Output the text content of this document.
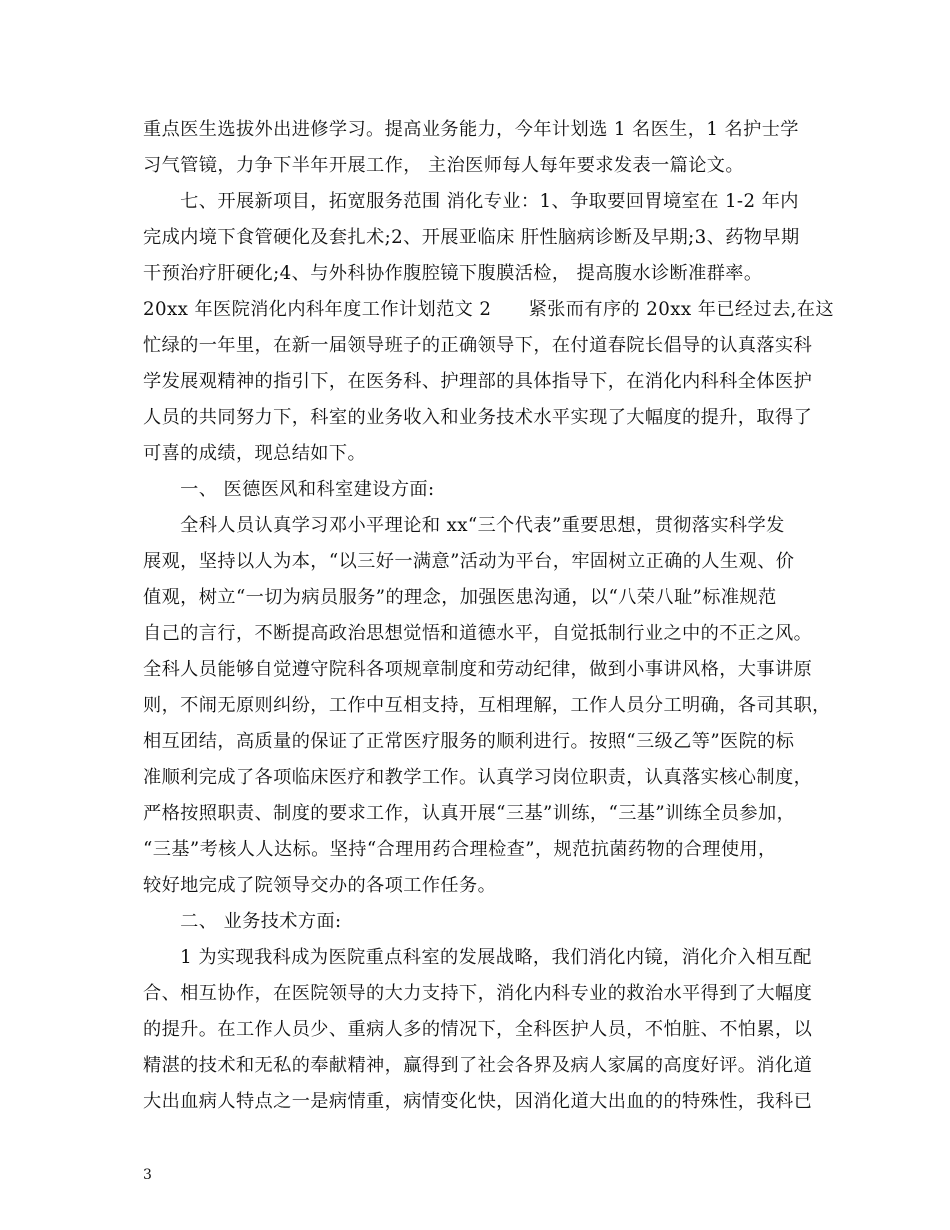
重点医生选拔外出进修学习。提高业务能力，今年计划选 1 名医生，1 名护士学
习气管镜，力争下半年开展工作， 主治医师每人每年要求发表一篇论文。
　　七、开展新项目，拓宽服务范围 消化专业：1、争取要回胃境室在 1-2 年内
完成内境下食管硬化及套扎术;2、开展亚临床 肝性脑病诊断及早期;3、药物早期
干预治疗肝硬化;4、与外科协作腹腔镜下腹膜活检， 提高腹水诊断准群率。
20xx 年医院消化内科年度工作计划范文 2　　紧张而有序的 20xx 年已经过去,在这
忙绿的一年里，在新一届领导班子的正确领导下，在付道春院长倡导的认真落实科
学发展观精神的指引下，在医务科、护理部的具体指导下，在消化内科科全体医护
人员的共同努力下，科室的业务收入和业务技术水平实现了大幅度的提升，取得了
可喜的成绩，现总结如下。
　　一、 医德医风和科室建设方面:
　　全科人员认真学习邓小平理论和 xx“三个代表”重要思想，贯彻落实科学发
展观，坚持以人为本，“以三好一满意”活动为平台，牢固树立正确的人生观、价
值观，树立“一切为病员服务”的理念，加强医患沟通，以“八荣八耻”标准规范
自己的言行，不断提高政治思想觉悟和道德水平，自觉抵制行业之中的不正之风。
全科人员能够自觉遵守院科各项规章制度和劳动纪律，做到小事讲风格，大事讲原
则，不闹无原则纠纷，工作中互相支持，互相理解，工作人员分工明确，各司其职，
相互团结，高质量的保证了正常医疗服务的顺利进行。按照“三级乙等”医院的标
准顺利完成了各项临床医疗和教学工作。认真学习岗位职责，认真落实核心制度，
严格按照职责、制度的要求工作，认真开展“三基”训练，“三基”训练全员参加，
“三基”考核人人达标。坚持“合理用药合理检查”，规范抗菌药物的合理使用，
较好地完成了院领导交办的各项工作任务。
　　二、 业务技术方面:
　　1 为实现我科成为医院重点科室的发展战略，我们消化内镜，消化介入相互配
合、相互协作，在医院领导的大力支持下，消化内科专业的救治水平得到了大幅度
的提升。在工作人员少、重病人多的情况下，全科医护人员，不怕脏、不怕累，以
精湛的技术和无私的奉献精神，赢得到了社会各界及病人家属的高度好评。消化道
大出血病人特点之一是病情重，病情变化快，因消化道大出血的的特殊性，我科已
3
